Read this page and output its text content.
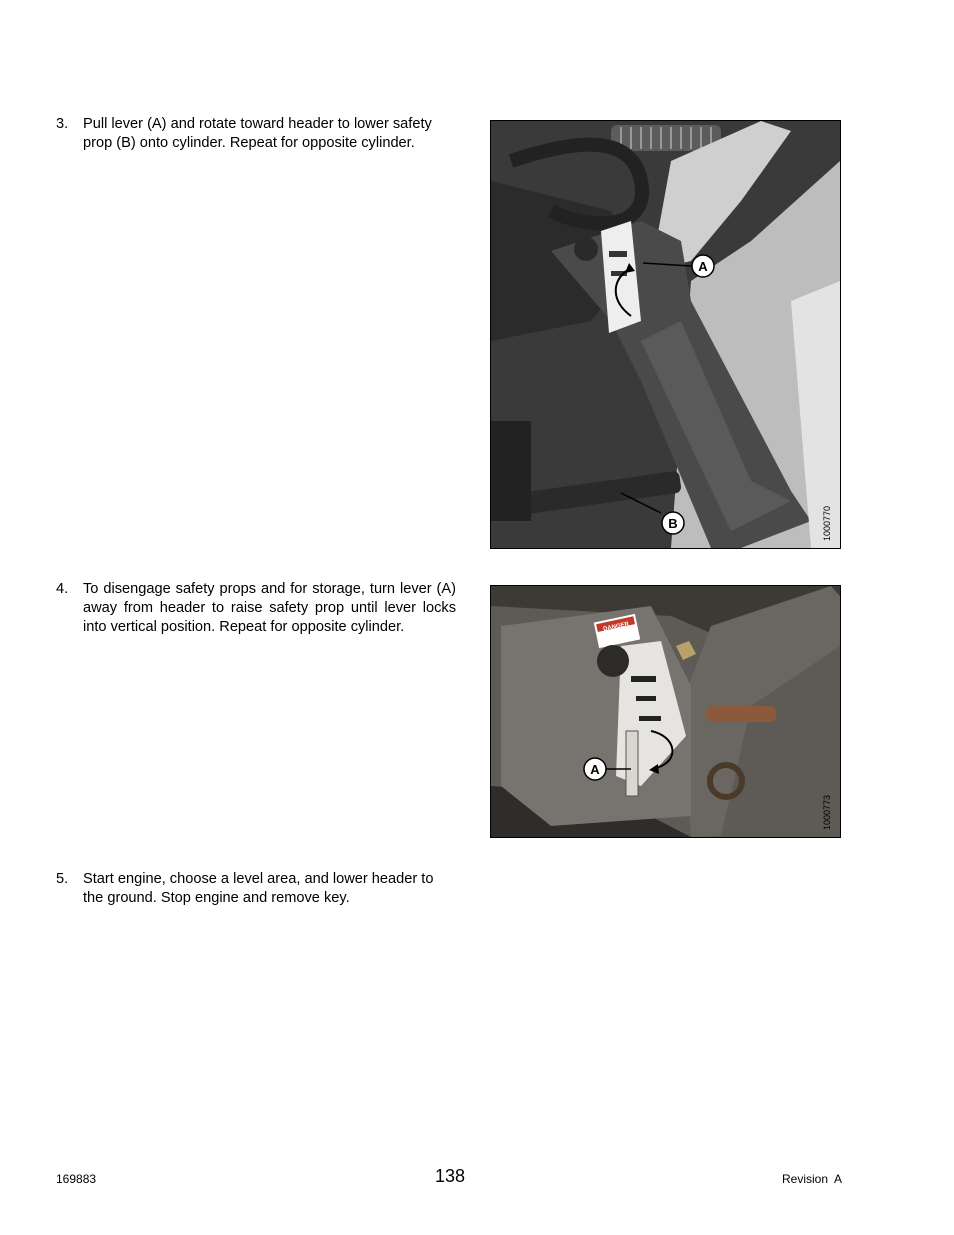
3. Pull lever (A) and rotate toward header to lower safety prop (B) onto cylinder. Repeat for opposite cylinder.
A
B	1000770
4. To disengage safety props and for storage, turn lever (A) away from header to raise safety prop until lever locks into vertical position. Repeat for opposite cylinder.	DANGER
A
1000773
5. Start engine, choose a level area, and lower header to the ground. Stop engine and remove key.
169883	138	Revision  A
